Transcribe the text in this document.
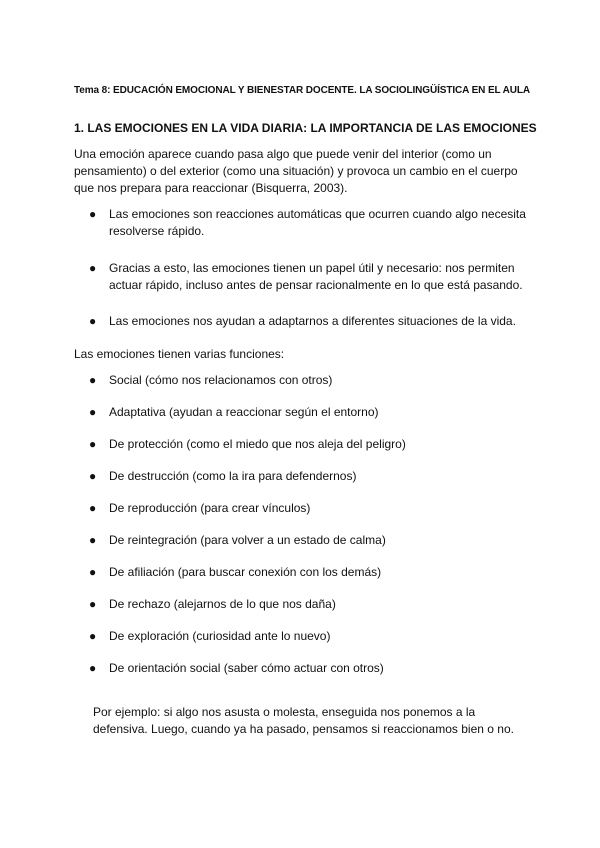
Tema 8: EDUCACIÓN EMOCIONAL Y BIENESTAR DOCENTE. LA SOCIOLINGÜÍSTICA EN EL AULA
1. LAS EMOCIONES EN LA VIDA DIARIA: LA IMPORTANCIA DE LAS EMOCIONES
Una emoción aparece cuando pasa algo que puede venir del interior (como un pensamiento) o del exterior (como una situación) y provoca un cambio en el cuerpo que nos prepara para reaccionar (Bisquerra, 2003).
● Las emociones son reacciones automáticas que ocurren cuando algo necesita resolverse rápido.
● Gracias a esto, las emociones tienen un papel útil y necesario: nos permiten actuar rápido, incluso antes de pensar racionalmente en lo que está pasando.
● Las emociones nos ayudan a adaptarnos a diferentes situaciones de la vida.
Las emociones tienen varias funciones:
● Social (cómo nos relacionamos con otros)
● Adaptativa (ayudan a reaccionar según el entorno)
● De protección (como el miedo que nos aleja del peligro)
● De destrucción (como la ira para defendernos)
● De reproducción (para crear vínculos)
● De reintegración (para volver a un estado de calma)
● De afiliación (para buscar conexión con los demás)
● De rechazo (alejarnos de lo que nos daña)
● De exploración (curiosidad ante lo nuevo)
● De orientación social (saber cómo actuar con otros)
Por ejemplo: si algo nos asusta o molesta, enseguida nos ponemos a la defensiva. Luego, cuando ya ha pasado, pensamos si reaccionamos bien o no.
